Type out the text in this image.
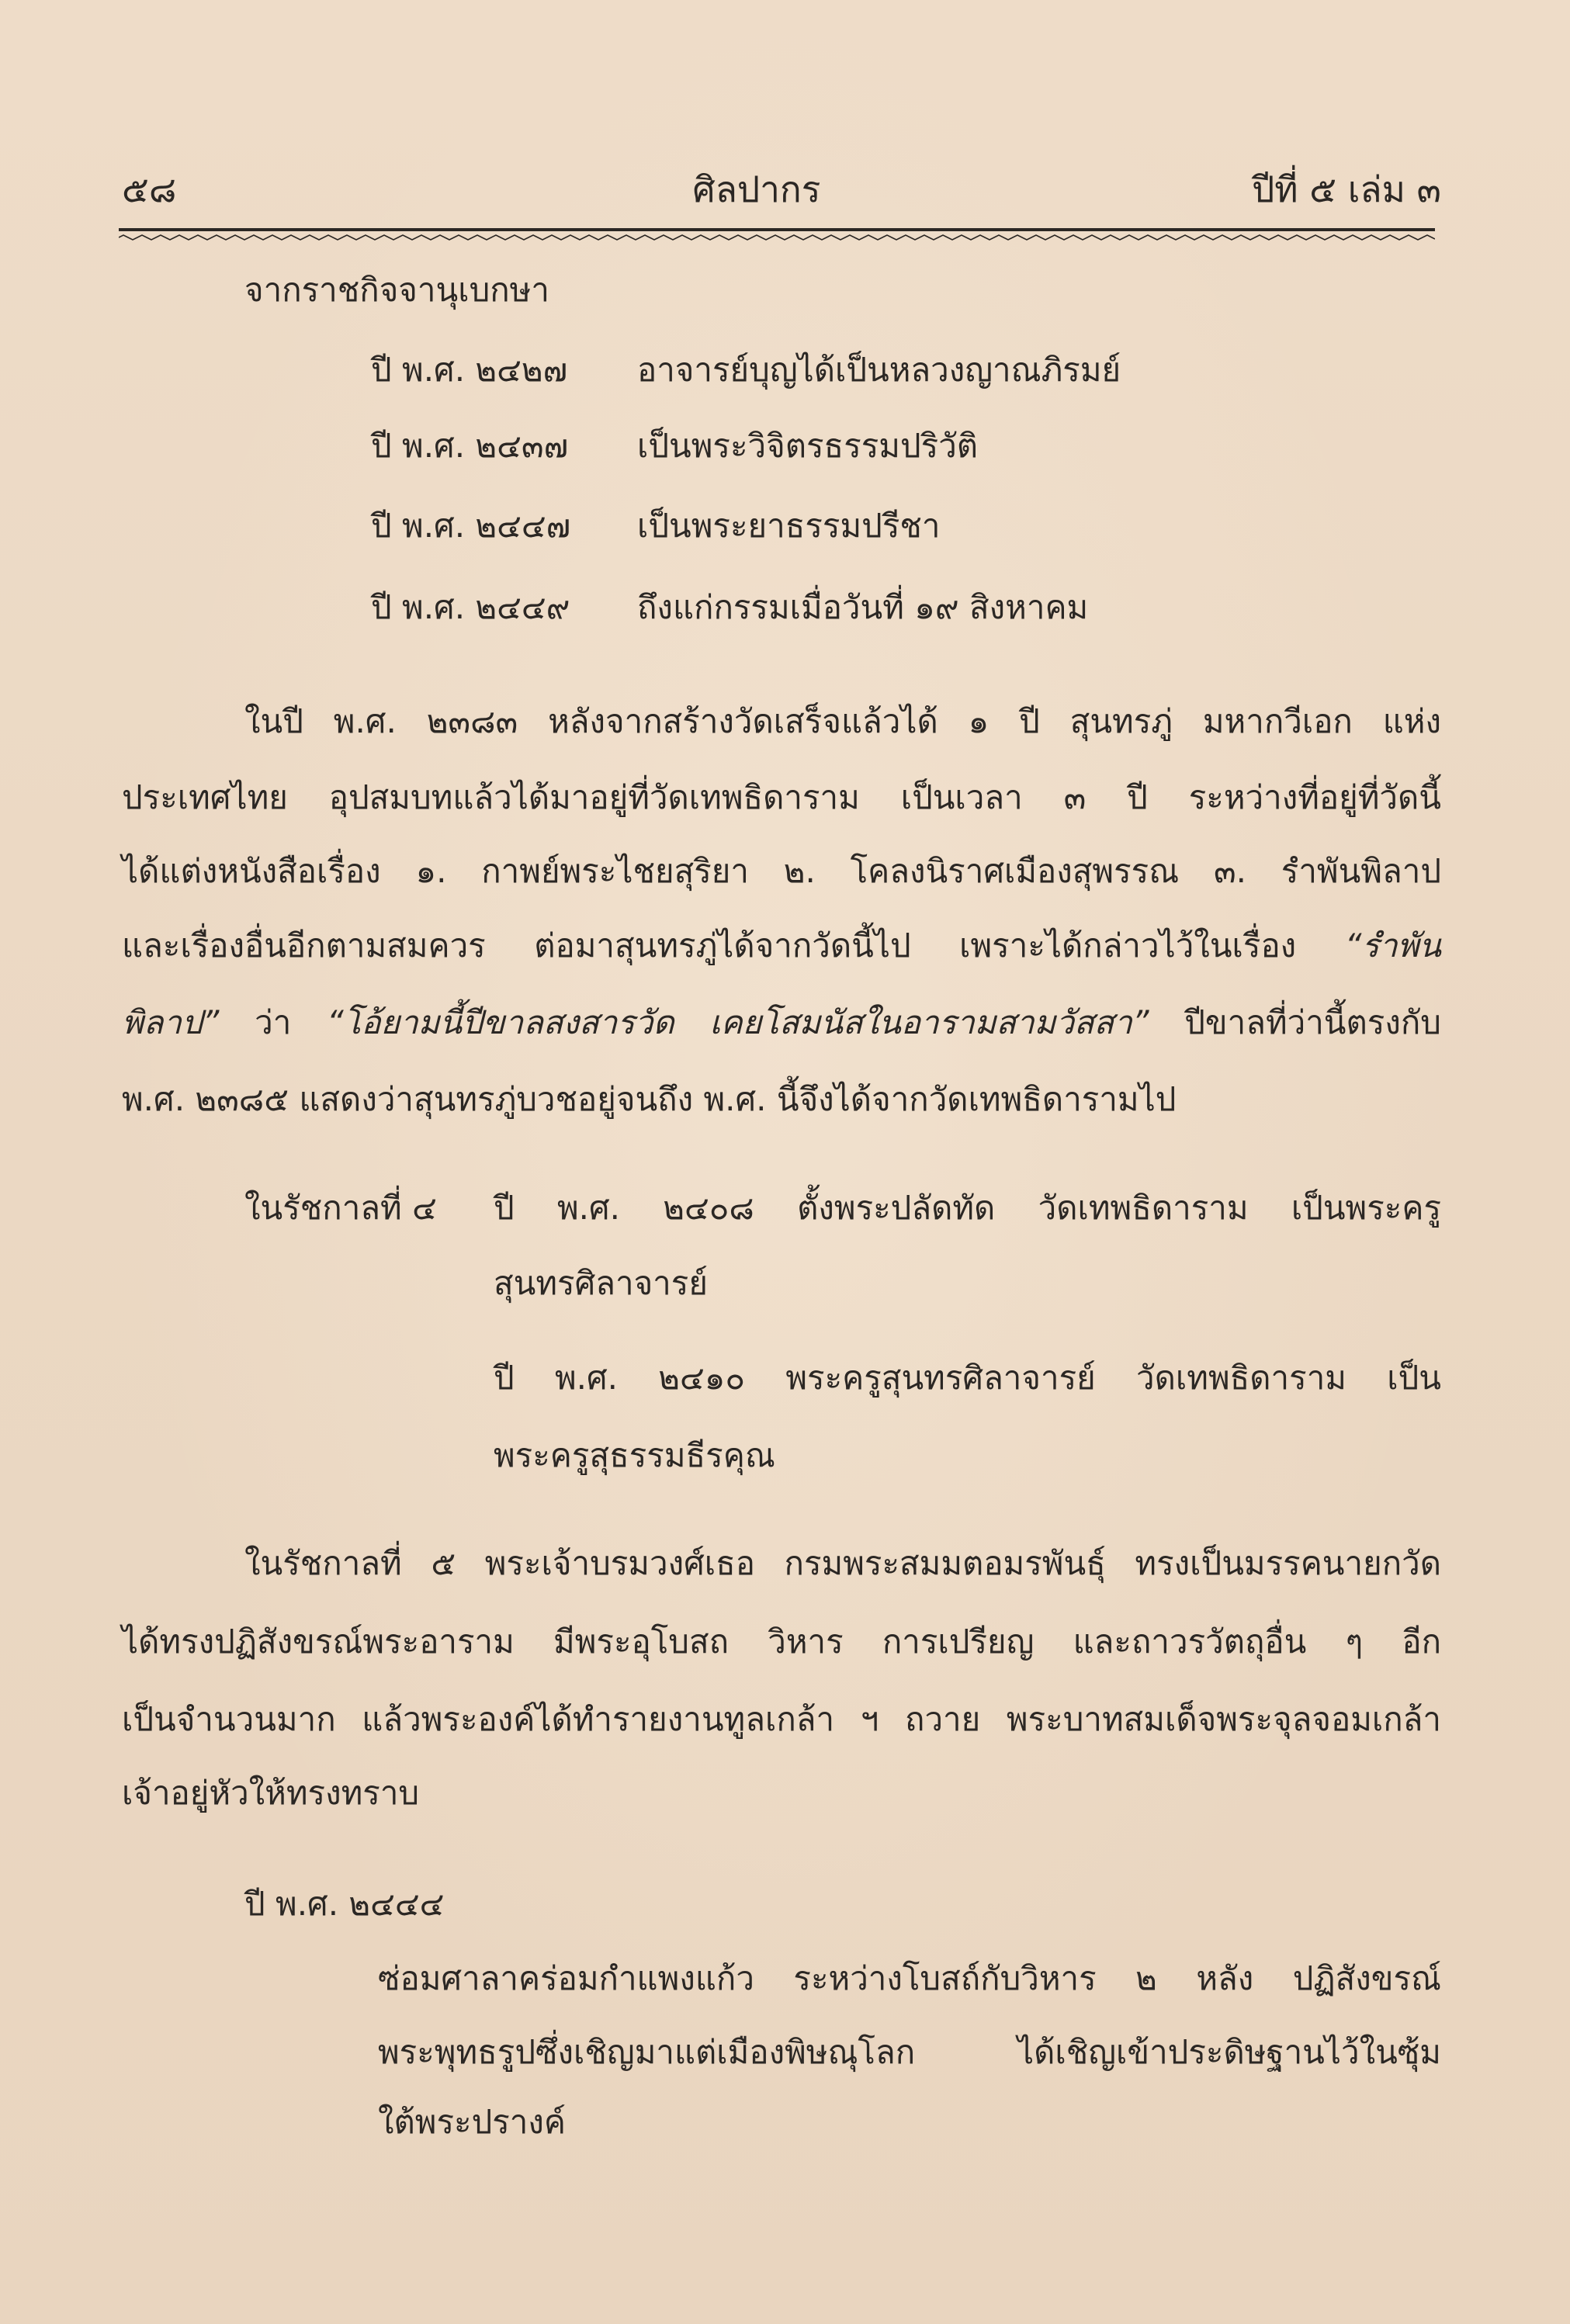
๕๘	ศิลปากร	ปีที่ ๕ เล่ม ๓
จากราชกิจจานุเบกษา
ปี พ.ศ. ๒๔๒๗ อาจารย์บุญได้เป็นหลวงญาณภิรมย์
ปี พ.ศ. ๒๔๓๗ เป็นพระวิจิตรธรรมปริวัติ
ปี พ.ศ. ๒๔๔๗ เป็นพระยาธรรมปรีชา
ปี พ.ศ. ๒๔๔๙ ถึงแก่กรรมเมื่อวันที่ ๑๙ สิงหาคม
ในปี พ.ศ. ๒๓๘๓ หลังจากสร้างวัดเสร็จแล้วได้ ๑ ปี สุนทรภู่ มหากวีเอก แห่ง
ประเทศไทย อุปสมบทแล้วได้มาอยู่ที่วัดเทพธิดาราม เป็นเวลา ๓ ปี ระหว่างที่อยู่ที่วัดนี้
ได้แต่งหนังสือเรื่อง ๑. กาพย์พระไชยสุริยา ๒. โคลงนิราศเมืองสุพรรณ ๓. รำพันพิลาป
และเรื่องอื่นอีกตามสมควร ต่อมาสุนทรภู่ได้จากวัดนี้ไป เพราะได้กล่าวไว้ในเรื่อง “รำพัน
พิลาป” ว่า “โอ้ยามนี้ปีขาลสงสารวัด เคยโสมนัสในอารามสามวัสสา” ปีขาลที่ว่านี้ตรงกับ
พ.ศ. ๒๓๘๕ แสดงว่าสุนทรภู่บวชอยู่จนถึง พ.ศ. นี้จึงได้จากวัดเทพธิดารามไป
ในรัชกาลที่ ๔ ปี พ.ศ. ๒๔๐๘ ตั้งพระปลัดทัด วัดเทพธิดาราม เป็นพระครู
สุนทรศิลาจารย์
ปี พ.ศ. ๒๔๑๐ พระครูสุนทรศิลาจารย์ วัดเทพธิดาราม เป็น
พระครูสุธรรมธีรคุณ
ในรัชกาลที่ ๕ พระเจ้าบรมวงศ์เธอ กรมพระสมมตอมรพันธุ์ ทรงเป็นมรรคนายกวัด
ได้ทรงปฏิสังขรณ์พระอาราม มีพระอุโบสถ วิหาร การเปรียญ และถาวรวัตถุอื่น ๆ อีก
เป็นจำนวนมาก แล้วพระองค์ได้ทำรายงานทูลเกล้า ฯ ถวาย พระบาทสมเด็จพระจุลจอมเกล้า
เจ้าอยู่หัวให้ทรงทราบ
ปี พ.ศ. ๒๔๔๔
ซ่อมศาลาคร่อมกำแพงแก้ว ระหว่างโบสถ์กับวิหาร ๒ หลัง ปฏิสังขรณ์
พระพุทธรูปซึ่งเชิญมาแต่เมืองพิษณุโลก ได้เชิญเข้าประดิษฐานไว้ในซุ้ม
ใต้พระปรางค์
